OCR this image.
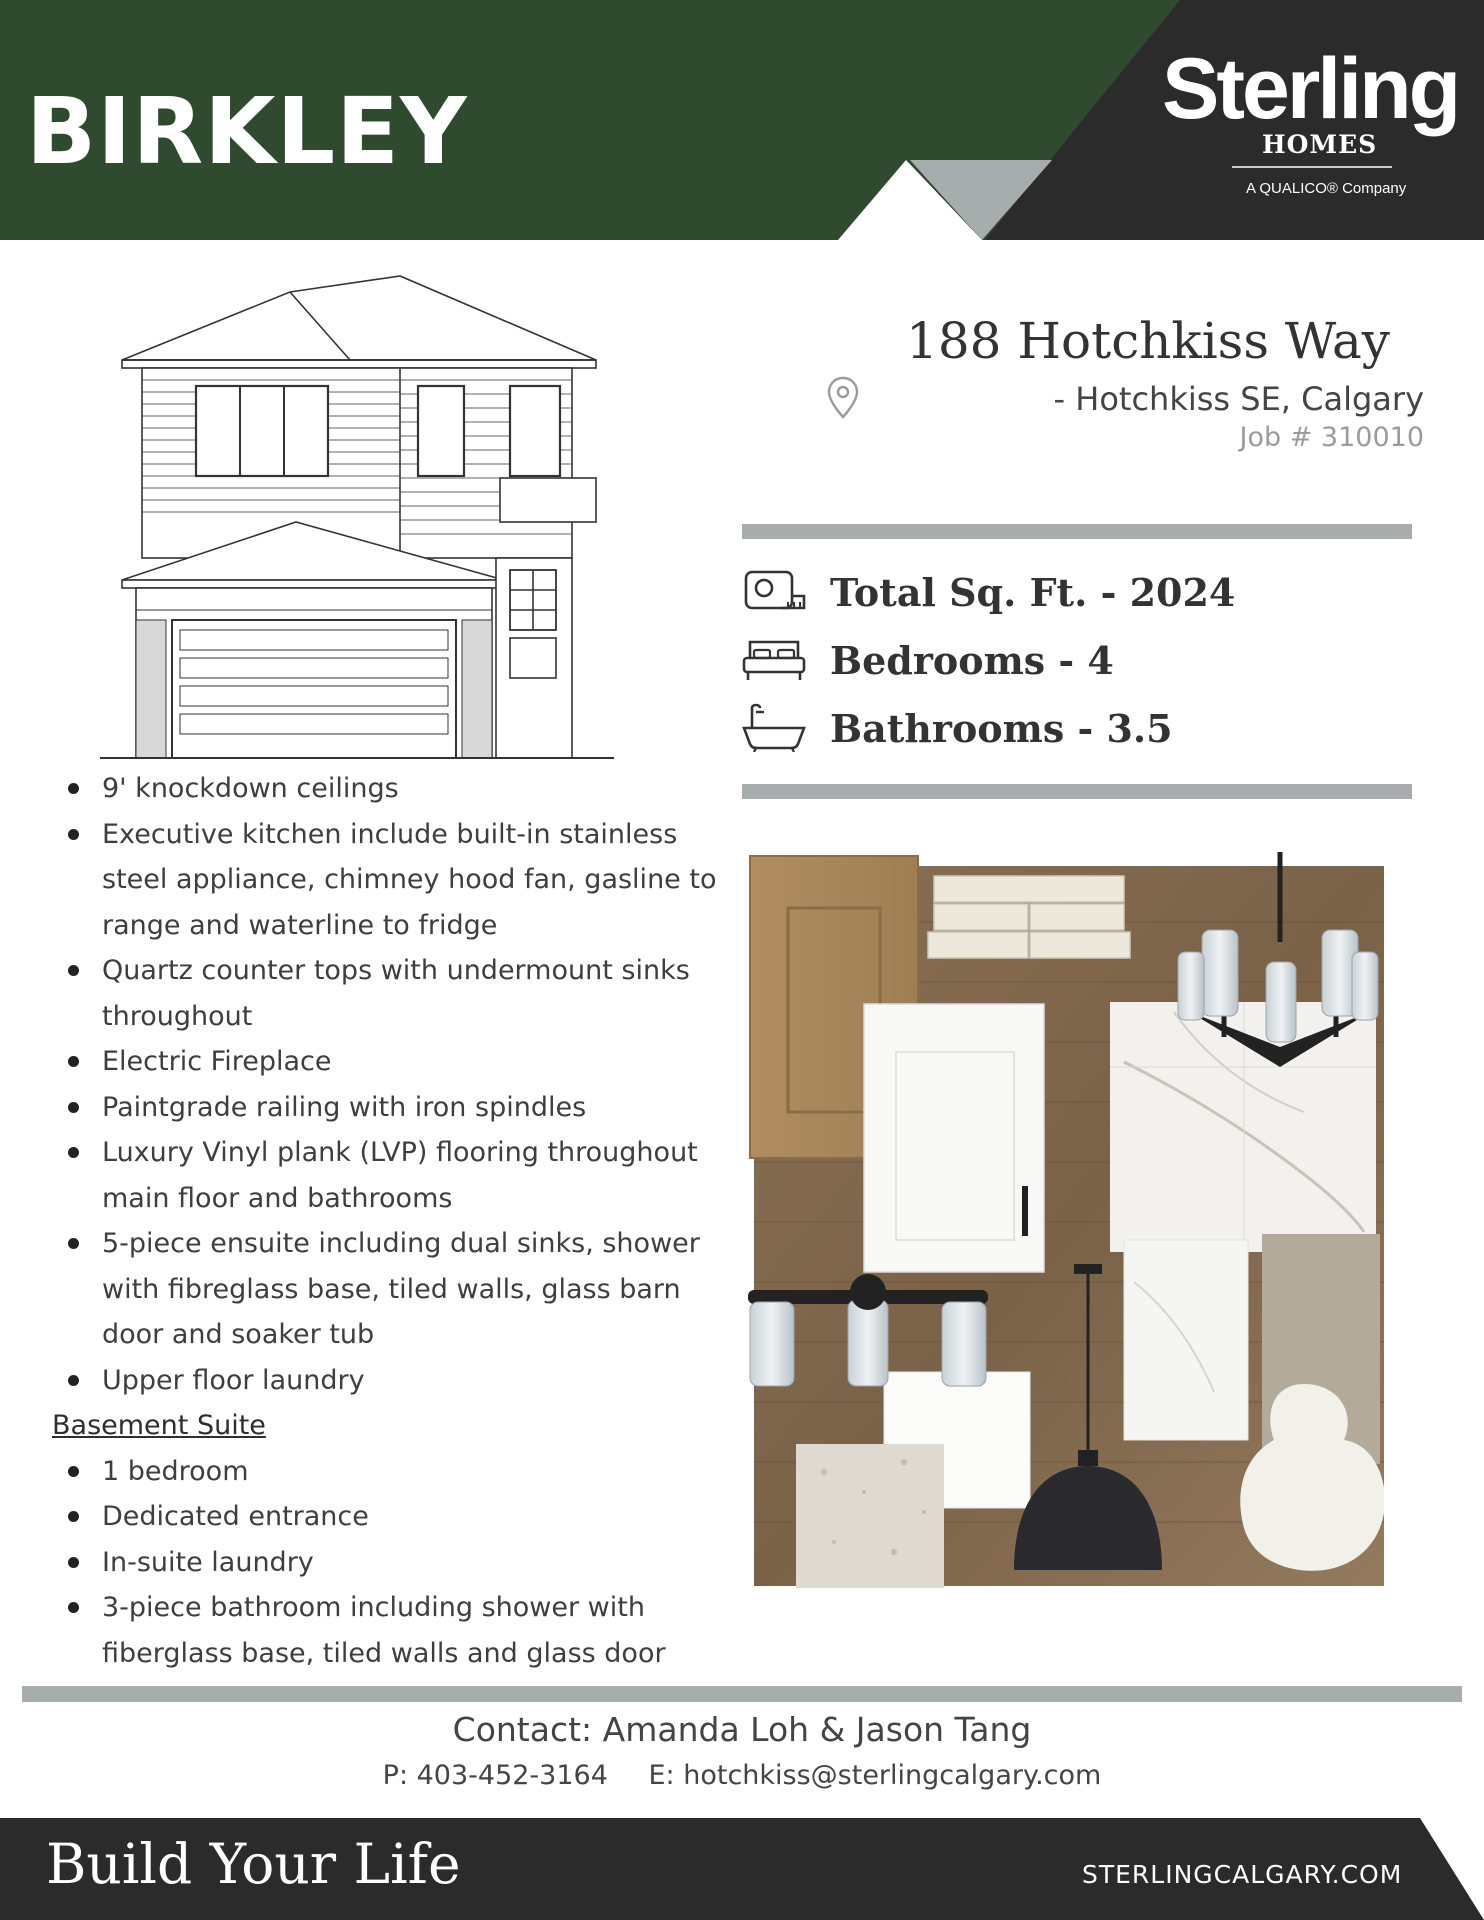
BIRKLEY	Sterling
HOMES
A QUALICO® Company
188 Hotchkiss Way
- Hotchkiss SE, Calgary
Job # 310010
Total Sq. Ft. - 2024
Bedrooms - 4
Bathrooms - 3.5
9' knockdown ceilings
Executive kitchen include built-in stainless steel appliance, chimney hood fan, gasline to range and waterline to fridge
Quartz counter tops with undermount sinks throughout
Electric Fireplace
Paintgrade railing with iron spindles
Luxury Vinyl plank (LVP) flooring throughout main floor and bathrooms
5-piece ensuite including dual sinks, shower with fibreglass base, tiled walls, glass barn door and soaker tub
Upper floor laundry
Basement Suite
1 bedroom
Dedicated entrance
In-suite laundry
3-piece bathroom including shower with fiberglass base, tiled walls and glass door
Contact: Amanda Loh & Jason Tang
P: 403-452-3164 E: hotchkiss@sterlingcalgary.com
Build Your Life	STERLINGCALGARY.COM
